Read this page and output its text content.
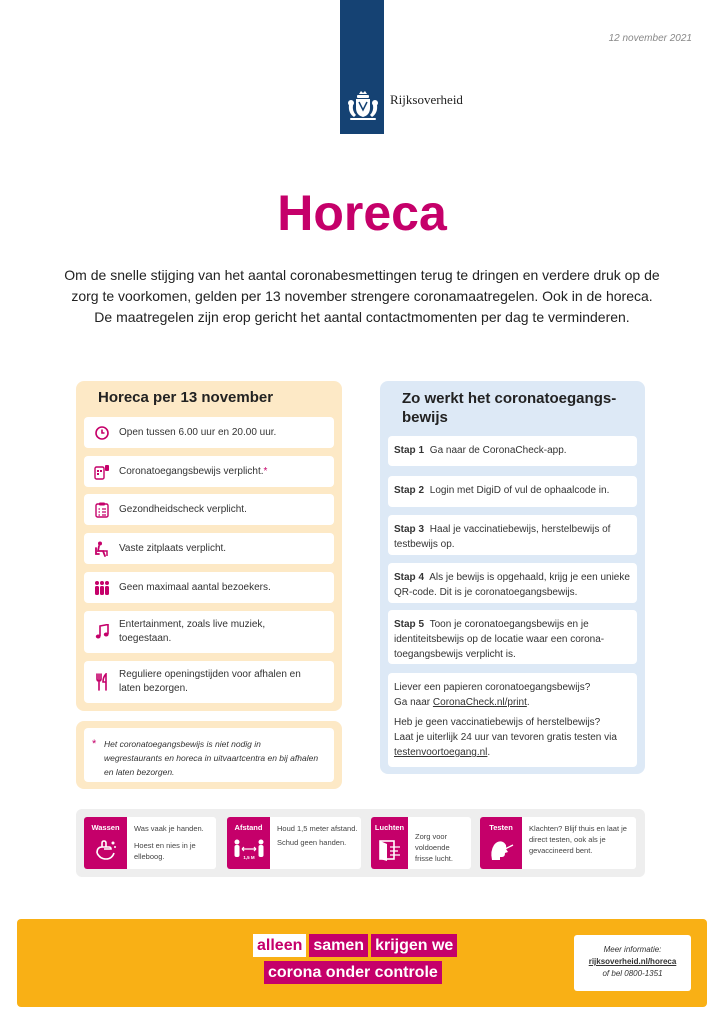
12 november 2021
Rijksoverheid
Horeca

Om de snelle stijging van het aantal coronabesmettingen terug te dringen en verdere druk op de zorg te voorkomen, gelden per 13 november strengere coronamaatregelen. Ook in de horeca. De maatregelen zijn erop gericht het aantal contactmomenten per dag te verminderen.

Horeca per 13 november
Open tussen 6.00 uur en 20.00 uur.
Coronatoegangsbewijs verplicht.*
Gezondheidscheck verplicht.
Vaste zitplaats verplicht.
Geen maximaal aantal bezoekers.
Entertainment, zoals live muziek, toegestaan.
Reguliere openingstijden voor afhalen en laten bezorgen.
* Het coronatoegangsbewijs is niet nodig in wegrestaurants en horeca in uitvaartcentra en bij afhalen en laten bezorgen.
Zo werkt het coronatoegangs-bewijs
Stap 1 Ga naar de CoronaCheck-app.
Stap 2 Login met DigiD of vul de ophaalcode in.
Stap 3 Haal je vaccinatiebewijs, herstelbewijs of testbewijs op.
Stap 4 Als je bewijs is opgehaald, krijg je een unieke QR-code. Dit is je coronatoegangsbewijs.
Stap 5 Toon je coronatoegangsbewijs en je identiteitsbewijs op de locatie waar een corona-toegangsbewijs verplicht is.
Liever een papieren coronatoegangsbewijs?
Ga naar CoronaCheck.nl/print.
Heb je geen vaccinatiebewijs of herstelbewijs?
Laat je uiterlijk 24 uur van tevoren gratis testen via
testenvoortoegang.nl.
Wassen	Was vaak je handen.
Hoest en nies in je elleboog.
Afstand
1,5 M
Houd 1,5 meter afstand.
Schud geen handen.
Luchten
Zorg voor voldoende frisse lucht.
Testen	Klachten? Blijf thuis en laat je direct testen, ook als je gevaccineerd bent.
alleen samen krijgen we
corona onder controle
Meer informatie:
rijksoverheid.nl/horeca
of bel 0800-1351
